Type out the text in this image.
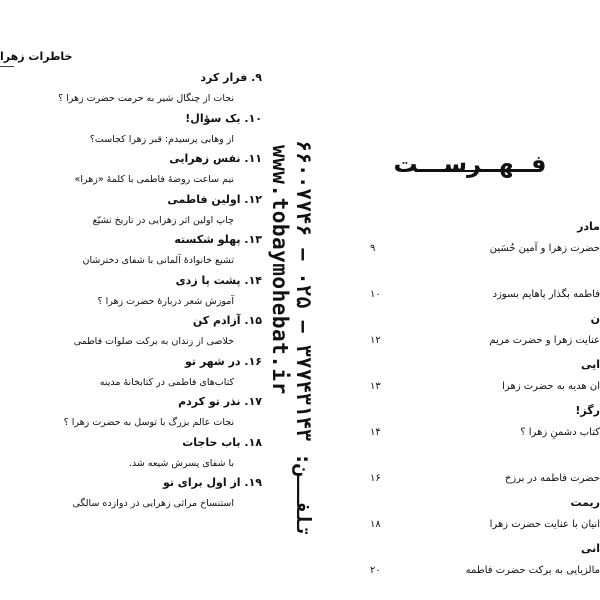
خاطرات زهرا
۹. فرار کرد
نجات از چنگال شیر به حرمت حضرت زهرا ؟
۱۰. یک سؤال!
از وهابی پرسیدم: قبر زهرا کجاست؟
۱۱. نفس زهرایی
نیم ساعت روضهٔ فاطمی با کلمهٔ «زهرا»
۱۲. اولین فاطمی
چاپ اولین اثر زهرایی در تاریخ تشیّع
۱۳. پهلو شکسته
تشیع خانوادهٔ آلمانی با شفای دخترشان
۱۴. پشت پا زدی
آموزش شعر دربارهٔ حضرت زهرا ؟
۱۵. آزادم کن
خلاصی از زندان به برکت صلوات فاطمی
۱۶. در شهر تو
کتاب‌های فاطمی در کتابخانهٔ مدینه
۱۷. نذر تو کردم
نجات عالم بزرگ با توسل به حضرت زهرا ؟
۱۸. باب حاجات
با شفای پسرش شیعه شد.
۱۹. از اول برای تو
استنساخ مراثی زهرایی در دوازده سالگی
تلفــن: ۳۷۷۴۳۱۴۳ – ۰۲۵ – ۶۶۰۰۷۷۴۶
www.tobaymohebat.ir	فــهــرســـت
مادر
حضرت زهرا و آمین حُسَین
۹
فاطمه بگذار پاهایم بسوزد
۱۰
ن
عنایت زهرا و حضرت مریم
۱۲
ایی
ان هدیه به حضرت زهرا
۱۳
رگز!
کتاب دشمنِ زهرا ؟
۱۴
حضرت فاطمه در برزخ
۱۶
ریمت
انیان با عنایت حضرت زهرا
۱۸
انی
مالزیایی به برکت حضرت فاطمه
۲۰
